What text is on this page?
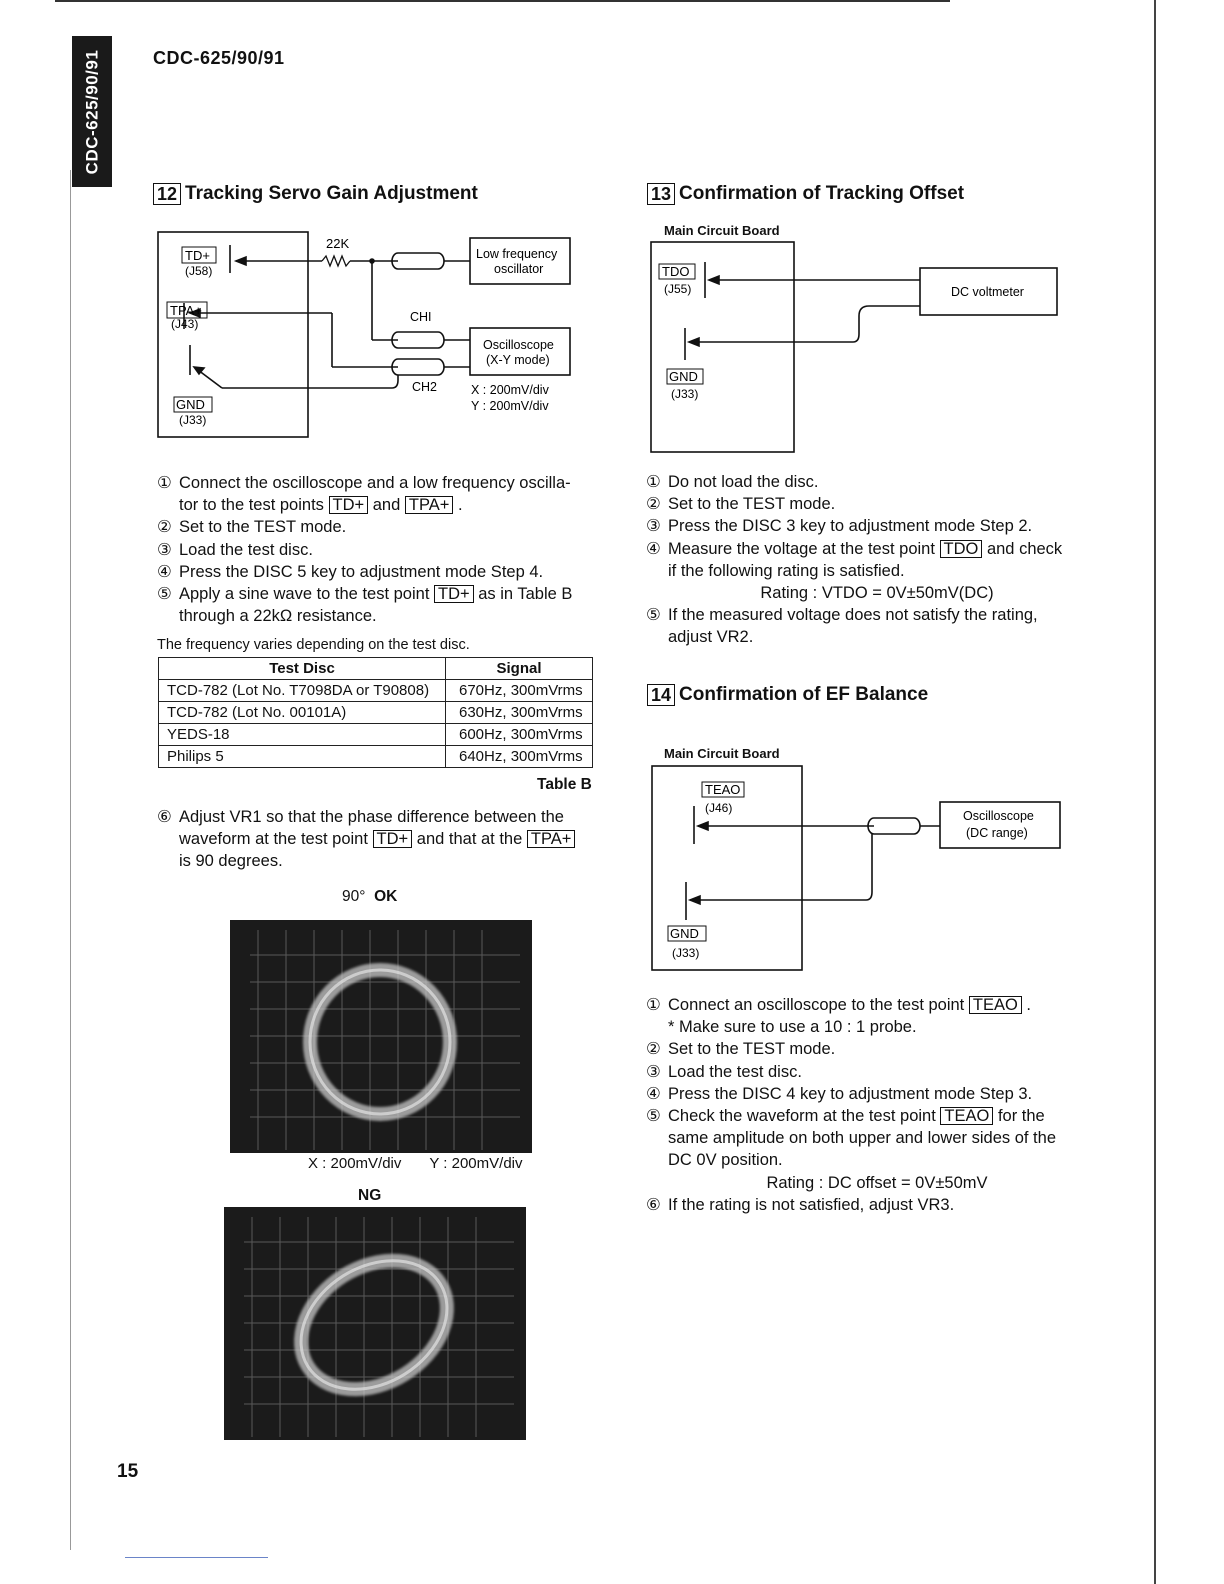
CDC-625/90/91	CDC-625/90/91
15
12 Tracking Servo Gain Adjustment
TD+
(J58)
TPA+
(J43)
GND
(J33)
22K
Low frequency
oscillator
Oscilloscope
(X-Y mode)
CHI
CH2	X : 200mV/div
Y : 200mV/div
① Connect the oscilloscope and a low frequency oscilla-
tor to the test points TD+ and TPA+ .
② Set to the TEST mode.
③ Load the test disc.
④ Press the DISC 5 key to adjustment mode Step 4.
⑤ Apply a sine wave to the test point TD+ as in Table B
through a 22kΩ resistance.
The frequency varies depending on the test disc.
Test Disc	Signal
TCD-782 (Lot No. T7098DA or T90808)	670Hz, 300mVrms
TCD-782 (Lot No. 00101A)	630Hz, 300mVrms
YEDS-18	600Hz, 300mVrms
Philips 5	640Hz, 300mVrms
Table B
⑥ Adjust VR1 so that the phase difference between the
waveform at the test point TD+ and that at the TPA+
is 90 degrees.
90° OK
X : 200mV/div Y : 200mV/div
NG
13 Confirmation of Tracking Offset
Main Circuit Board
TDO
(J55)
GND
(J33)
DC voltmeter
① Do not load the disc.
② Set to the TEST mode.
③ Press the DISC 3 key to adjustment mode Step 2.
④ Measure the voltage at the test point TDO and check
if the following rating is satisfied.
Rating : VTDO = 0V±50mV(DC)
⑤ If the measured voltage does not satisfy the rating,
adjust VR2.
14 Confirmation of EF Balance
Main Circuit Board
TEAO
(J46)
GND
(J33)
Oscilloscope
(DC range)
① Connect an oscilloscope to the test point TEAO .
* Make sure to use a 10 : 1 probe.
② Set to the TEST mode.
③ Load the test disc.
④ Press the DISC 4 key to adjustment mode Step 3.
⑤ Check the waveform at the test point TEAO for the
same amplitude on both upper and lower sides of the
DC 0V position.
Rating : DC offset = 0V±50mV
⑥ If the rating is not satisfied, adjust VR3.
